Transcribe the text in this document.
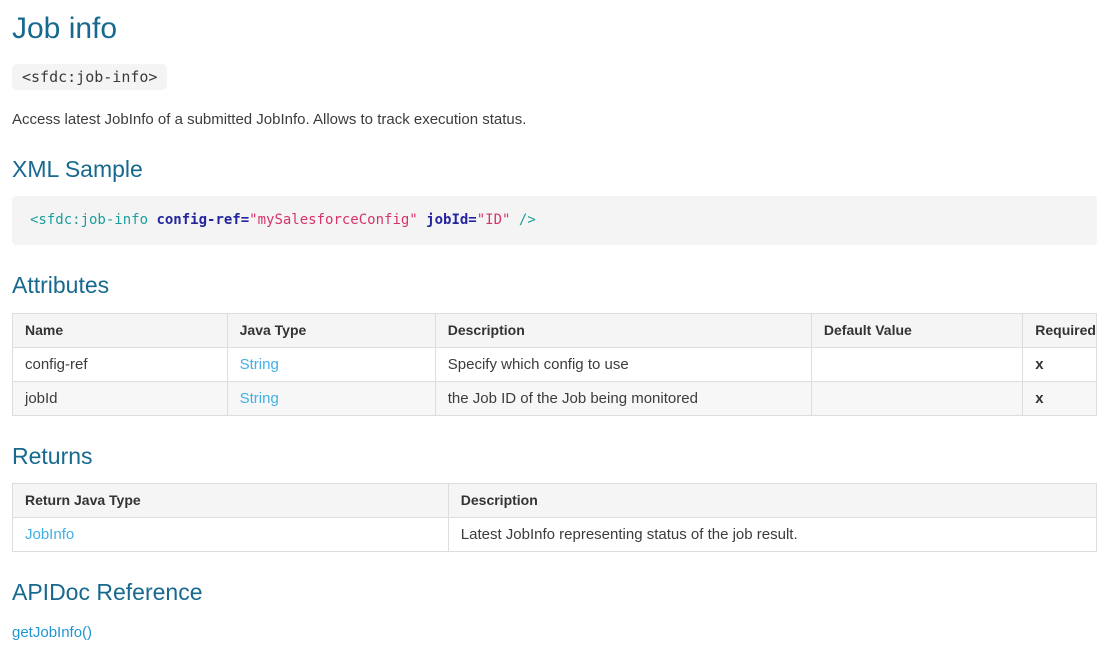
Job info
<sfdc:job-info>

Access latest JobInfo of a submitted JobInfo. Allows to track execution status.

XML Sample
<sfdc:job-info config-ref="mySalesforceConfig" jobId="ID" />
Attributes
Name	Java Type	Description	Default Value	Required
config-ref	String	Specify which config to use		x
jobId	String	the Job ID of the Job being monitored		x
Returns
Return Java Type	Description
JobInfo	Latest JobInfo representing status of the job result.
APIDoc Reference

getJobInfo()
